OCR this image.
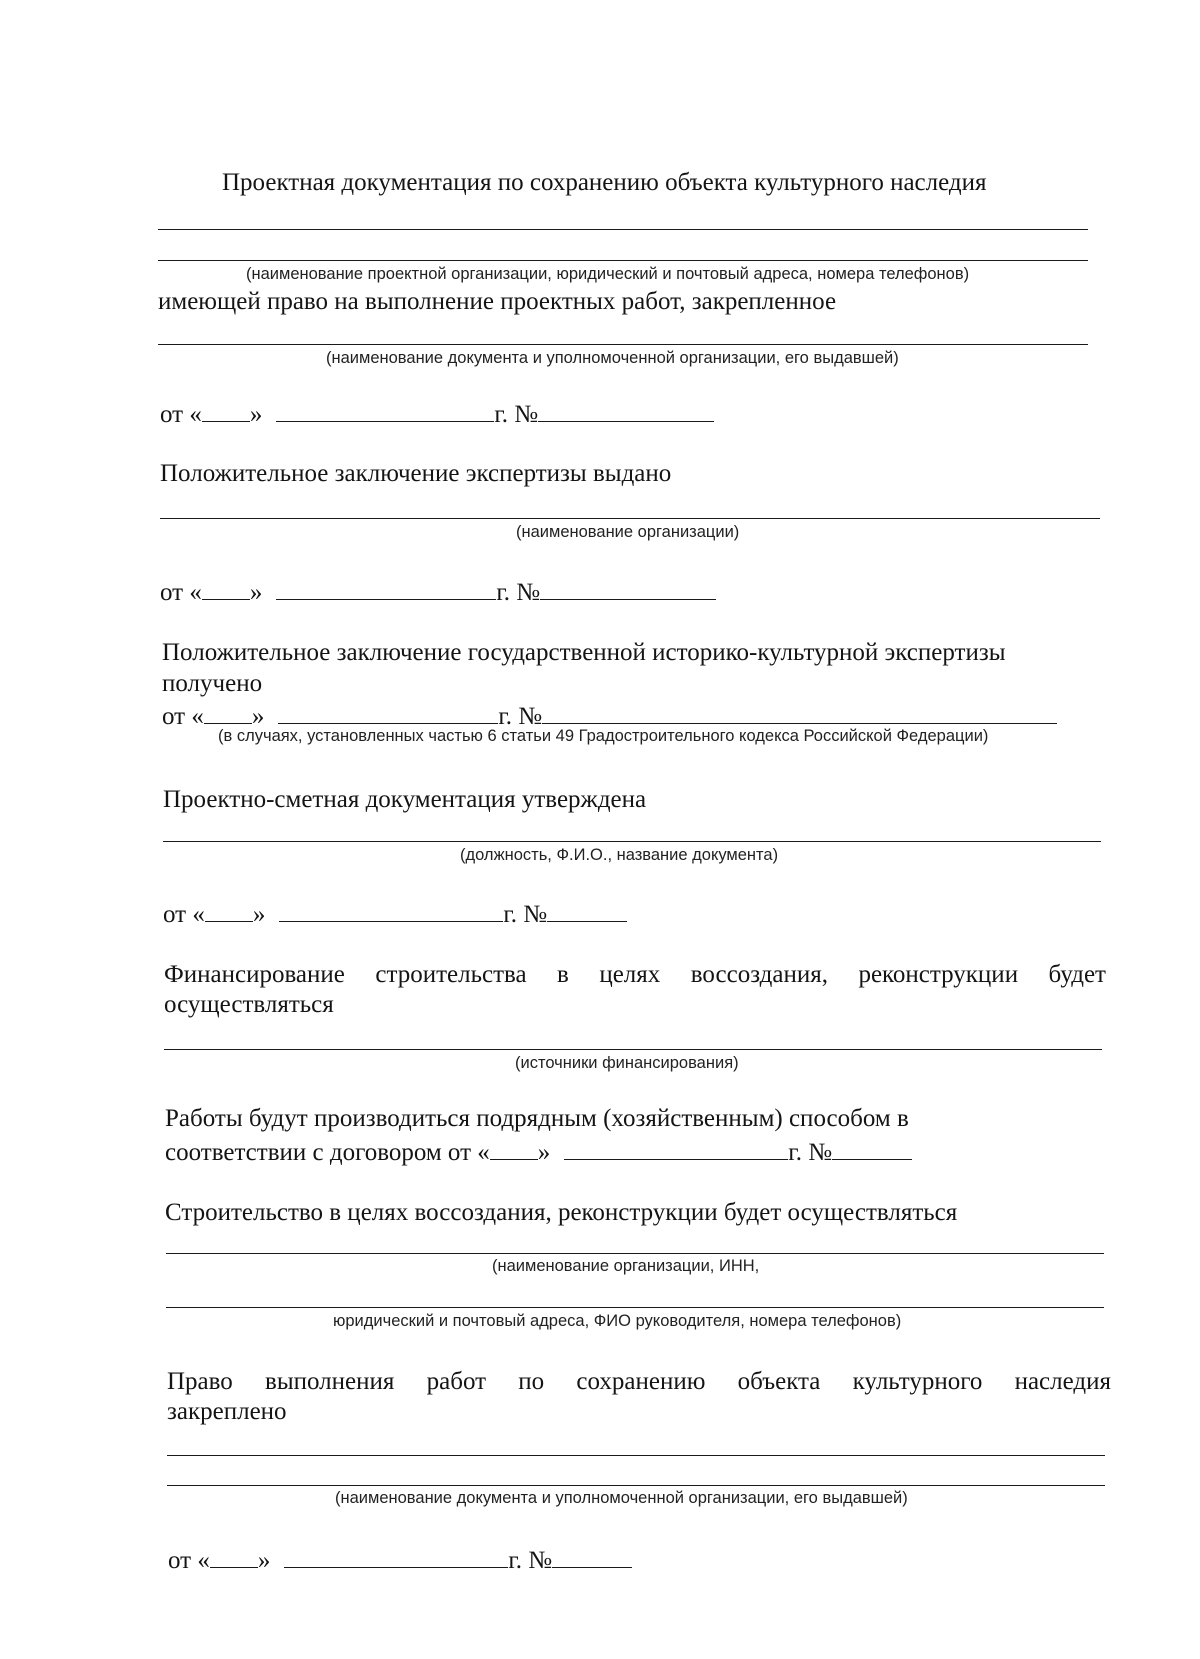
Проектная документация по сохранению объекта культурного наследия
(наименование проектной организации, юридический и почтовый адреса, номера телефонов)
имеющей право на выполнение проектных работ, закрепленное
(наименование документа и уполномоченной организации, его выдавшей)
от « »	г. №
Положительное заключение экспертизы выдано
(наименование организации)
от « »	г. №
Положительное заключение государственной историко-культурной экспертизы
получено
от « »	г. №
(в случаях, установленных частью 6 статьи 49 Градостроительного кодекса Российской Федерации)
Проектно-сметная документация утверждена
(должность, Ф.И.О., название документа)
от « »	г. №
Финансирование строительства в целях воссоздания, реконструкции будет
осуществляться
(источники финансирования)
Работы будут производиться подрядным (хозяйственным) способом в
соответствии с договором от « »	г. №
Строительство в целях воссоздания, реконструкции будет осуществляться
(наименование организации, ИНН,
юридический и почтовый адреса, ФИО руководителя, номера телефонов)
Право выполнения работ по сохранению объекта культурного наследия
закреплено
(наименование документа и уполномоченной организации, его выдавшей)
от « »	г. №
